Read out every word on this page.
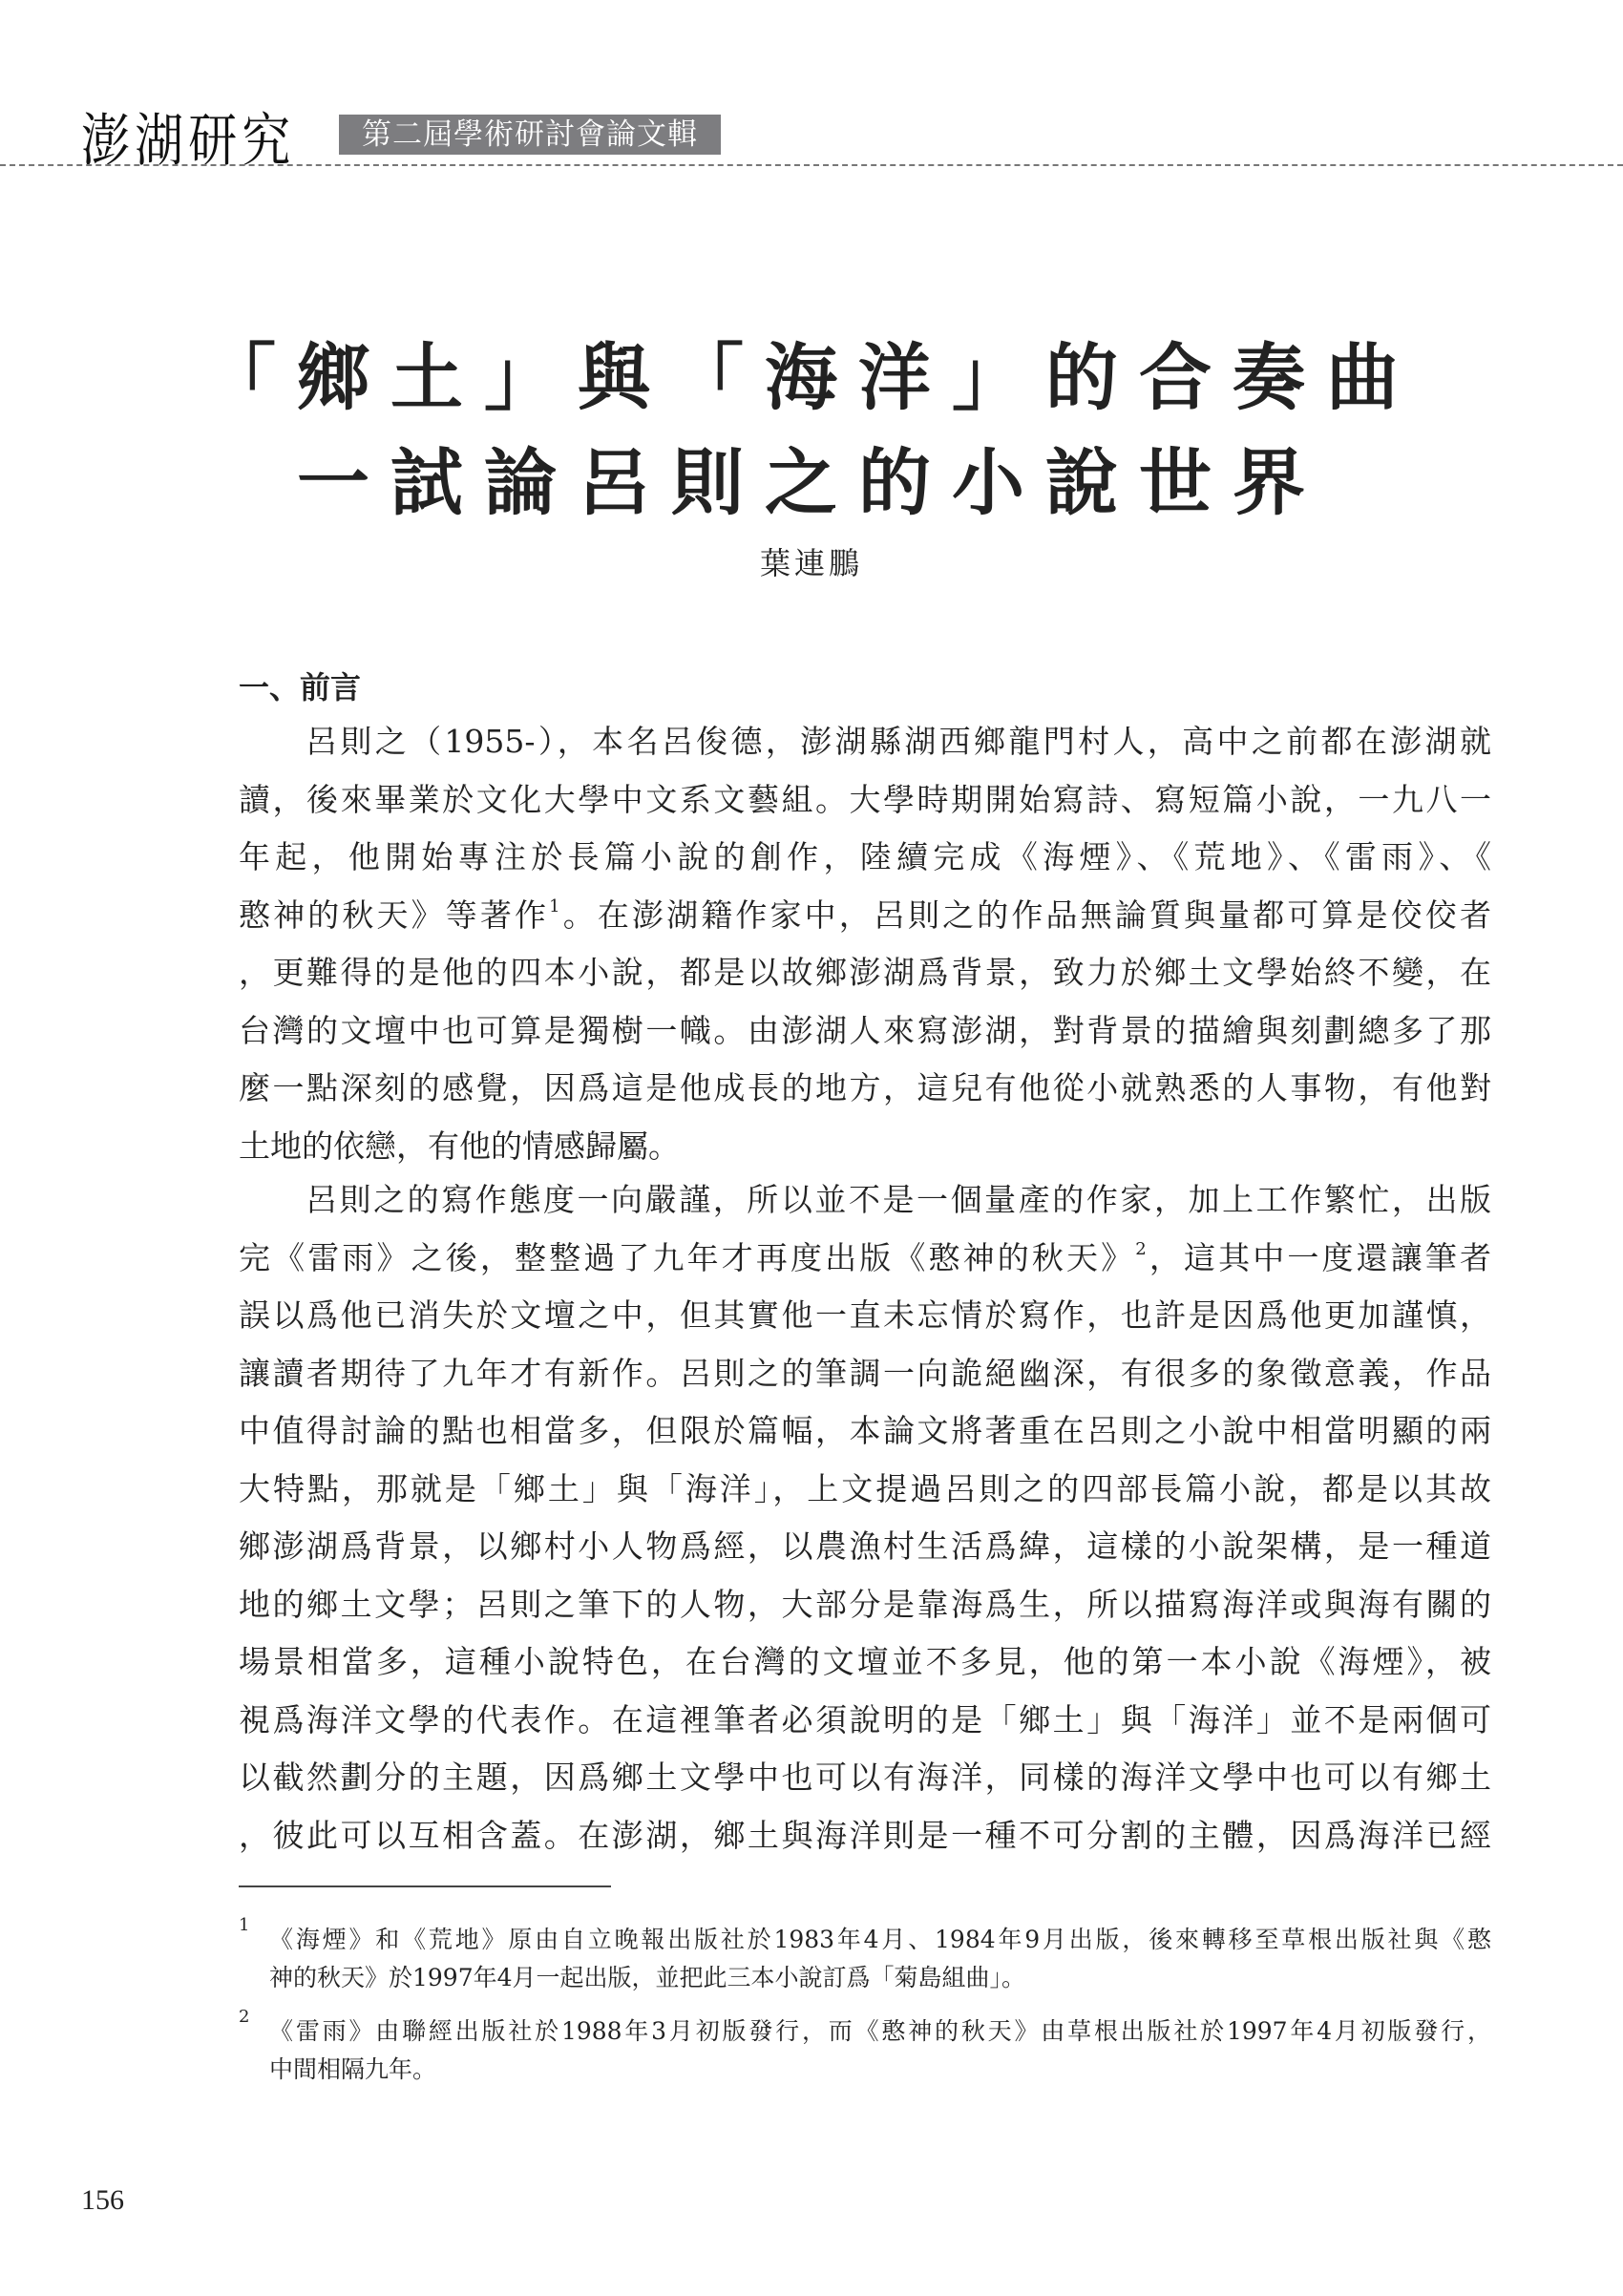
澎湖研究	第二屆學術研討會論文輯
「鄉土」與「海洋」的合奏曲
一試論呂則之的小說世界
葉連鵬
一、前言
呂則之（1955-），本名呂俊德，澎湖縣湖西鄉龍門村人，高中之前都在澎湖就
讀，後來畢業於文化大學中文系文藝組。大學時期開始寫詩、寫短篇小說，一九八一
年起，他開始專注於長篇小說的創作，陸續完成《海煙》、《荒地》、《雷雨》、《
憨神的秋天》等著作$^1$。在澎湖籍作家中，呂則之的作品無論質與量都可算是佼佼者
，更難得的是他的四本小說，都是以故鄉澎湖爲背景，致力於鄉土文學始終不變，在
台灣的文壇中也可算是獨樹一幟。由澎湖人來寫澎湖，對背景的描繪與刻劃總多了那
麼一點深刻的感覺，因爲這是他成長的地方，這兒有他從小就熟悉的人事物，有他對
土地的依戀，有他的情感歸屬。
呂則之的寫作態度一向嚴謹，所以並不是一個量產的作家，加上工作繁忙，出版
完《雷雨》之後，整整過了九年才再度出版《憨神的秋天》$^2$，這其中一度還讓筆者
誤以爲他已消失於文壇之中，但其實他一直未忘情於寫作，也許是因爲他更加謹慎，
讓讀者期待了九年才有新作。呂則之的筆調一向詭絕幽深，有很多的象徵意義，作品
中值得討論的點也相當多，但限於篇幅，本論文將著重在呂則之小說中相當明顯的兩
大特點，那就是「鄉土」與「海洋」，上文提過呂則之的四部長篇小說，都是以其故
鄉澎湖爲背景，以鄉村小人物爲經，以農漁村生活爲緯，這樣的小說架構，是一種道
地的鄉土文學；呂則之筆下的人物，大部分是靠海爲生，所以描寫海洋或與海有關的
場景相當多，這種小說特色，在台灣的文壇並不多見，他的第一本小說《海煙》，被
視爲海洋文學的代表作。在這裡筆者必須說明的是「鄉土」與「海洋」並不是兩個可
以截然劃分的主題，因爲鄉土文學中也可以有海洋，同樣的海洋文學中也可以有鄉土
，彼此可以互相含蓋。在澎湖，鄉土與海洋則是一種不可分割的主體，因爲海洋已經
1
《海煙》和《荒地》原由自立晚報出版社於1983年4月、1984年9月出版，後來轉移至草根出版社與《憨
神的秋天》於1997年4月一起出版，並把此三本小說訂爲「菊島組曲」。
2
《雷雨》由聯經出版社於1988年3月初版發行，而《憨神的秋天》由草根出版社於1997年4月初版發行，
中間相隔九年。
156
